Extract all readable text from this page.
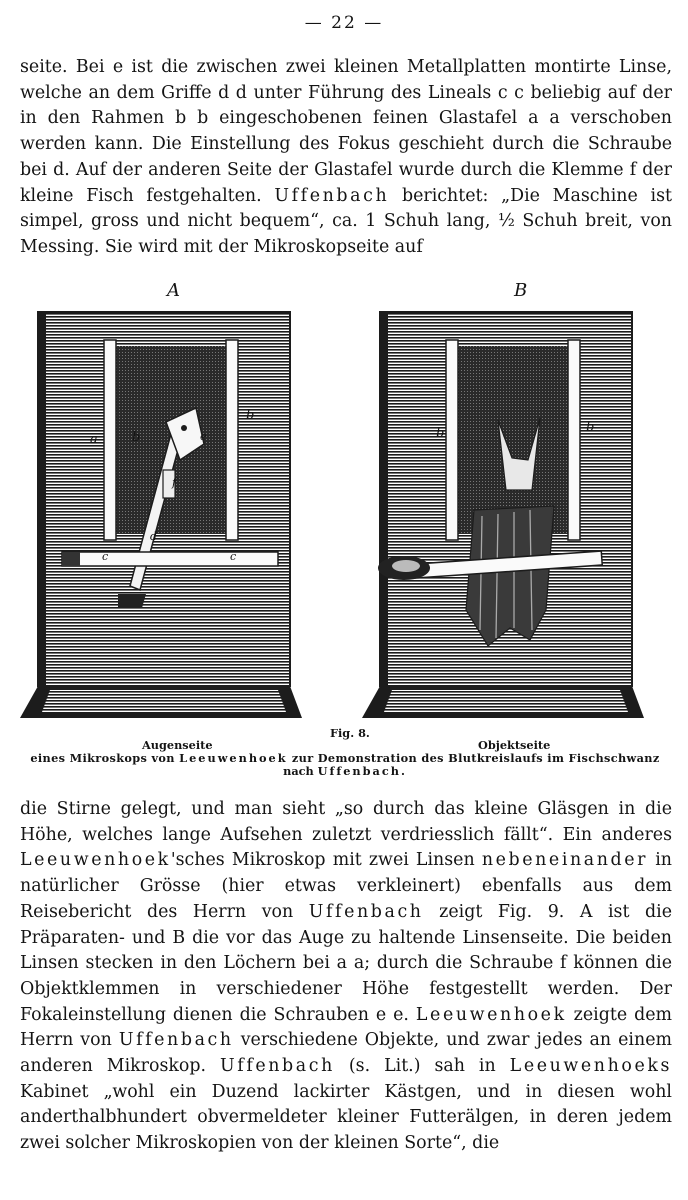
— 22 —

seite. Bei e ist die zwischen zwei kleinen Metallplatten montirte Linse, welche an dem Griffe d d unter Führung des Lineals c c beliebig auf der in den Rahmen b b eingeschobenen feinen Glastafel a a verschoben werden kann. Die Einstellung des Fokus geschieht durch die Schraube bei d. Auf der anderen Seite der Glastafel wurde durch die Klemme f der kleine Fisch festgehalten. Uffenbach berichtet: „Die Maschine ist simpel, gross und nicht bequem“, ca. 1 Schuh lang, ½ Schuh breit, von Messing. Sie wird mit der Mikroskopseite auf

A	B
a	b
b
e
f
d
c	c
b	b
Fig. 8.
Augenseite	Objektseite
eines Mikroskops von Leeuwenhoek zur Demonstration des Blutkreislaufs im Fischschwanz
nach Uffenbach.

die Stirne gelegt, und man sieht „so durch das kleine Gläsgen in die Höhe, welches lange Aufsehen zuletzt verdriesslich fällt“. Ein anderes Leeuwenhoek'sches Mikroskop mit zwei Linsen nebeneinander in natürlicher Grösse (hier etwas verkleinert) ebenfalls aus dem Reisebericht des Herrn von Uffenbach zeigt Fig. 9. A ist die Präparaten- und B die vor das Auge zu haltende Linsenseite. Die beiden Linsen stecken in den Löchern bei a a; durch die Schraube f können die Objektklemmen in verschiedener Höhe festgestellt werden. Der Fokaleinstellung dienen die Schrauben e e. Leeuwenhoek zeigte dem Herrn von Uffenbach verschiedene Objekte, und zwar jedes an einem anderen Mikroskop. Uffenbach (s. Lit.) sah in Leeuwenhoeks Kabinet „wohl ein Duzend lackirter Kästgen, und in diesen wohl anderthalbhundert obvermeldeter kleiner Futterälgen, in deren jedem zwei solcher Mikroskopien von der kleinen Sorte“, die
